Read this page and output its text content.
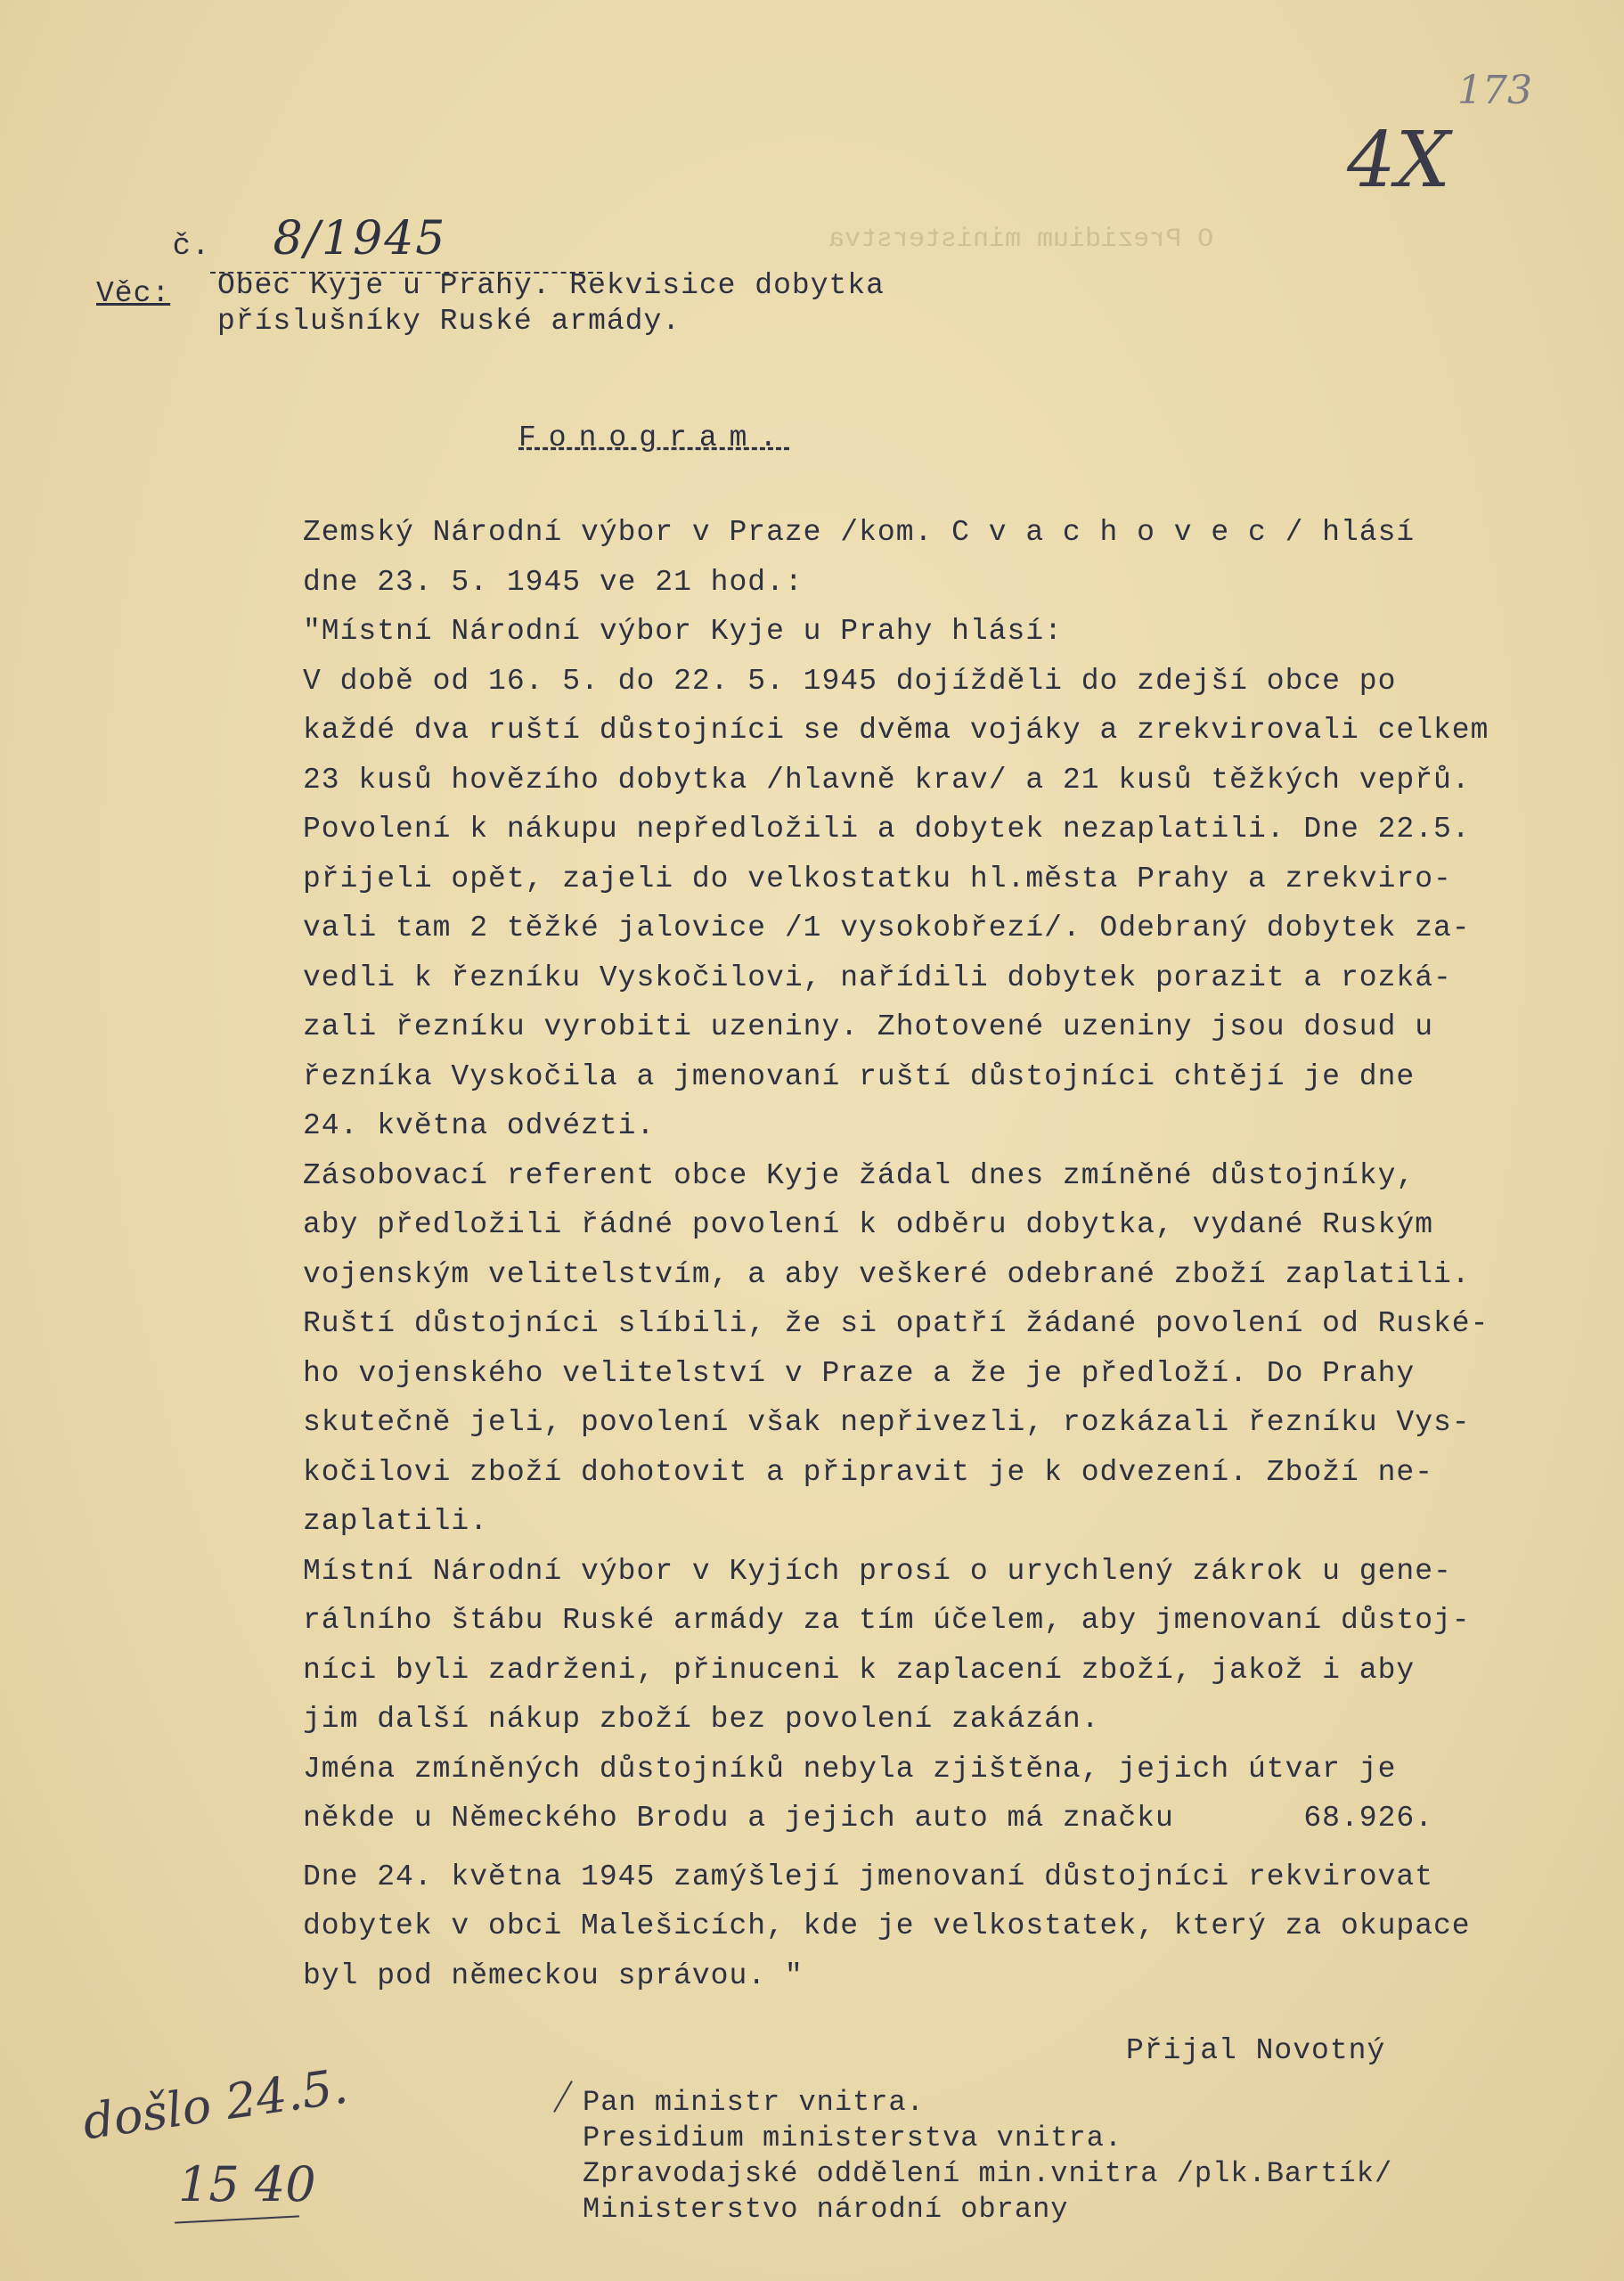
O Prezidium ministerstva
173
4X

č. 8/1945

Věc: Obec Kyje u Prahy. Rekvisice dobytka
příslušníky Ruské armády.
Fonogram.
Zemský Národní výbor v Praze /kom. C v a c h o v e c / hlásí
dne 23. 5. 1945 ve 21 hod.:
"Místní Národní výbor Kyje u Prahy hlásí:
V době od 16. 5. do 22. 5. 1945 dojížděli do zdejší obce po
každé dva ruští důstojníci se dvěma vojáky a zrekvirovali celkem
23 kusů hovězího dobytka /hlavně krav/ a 21 kusů těžkých vepřů.
Povolení k nákupu nepředložili a dobytek nezaplatili. Dne 22.5.
přijeli opět, zajeli do velkostatku hl.města Prahy a zrekviro-
vali tam 2 těžké jalovice /1 vysokobřezí/. Odebraný dobytek za-
vedli k řezníku Vyskočilovi, nařídili dobytek porazit a rozká-
zali řezníku vyrobiti uzeniny. Zhotovené uzeniny jsou dosud u
řezníka Vyskočila a jmenovaní ruští důstojníci chtějí je dne
24. května odvézti.
Zásobovací referent obce Kyje žádal dnes zmíněné důstojníky,
aby předložili řádné povolení k odběru dobytka, vydané Ruským
vojenským velitelstvím, a aby veškeré odebrané zboží zaplatili.
Ruští důstojníci slíbili, že si opatří žádané povolení od Ruské-
ho vojenského velitelství v Praze a že je předloží. Do Prahy
skutečně jeli, povolení však nepřivezli, rozkázali řezníku Vys-
kočilovi zboží dohotovit a připravit je k odvezení. Zboží ne-
zaplatili.
Místní Národní výbor v Kyjích prosí o urychlený zákrok u gene-
rálního štábu Ruské armády za tím účelem, aby jmenovaní důstoj-
níci byli zadrženi, přinuceni k zaplacení zboží, jakož i aby
jim další nákup zboží bez povolení zakázán.
Jména zmíněných důstojníků nebyla zjištěna, jejich útvar je
někde u Německého Brodu a jejich auto má značku       68.926.
Dne 24. května 1945 zamýšlejí jmenovaní důstojníci rekvirovat
dobytek v obci Malešicích, kde je velkostatek, který za okupace
byl pod německou správou. "
Přijal Novotný
Pan ministr vnitra.
Presidium ministerstva vnitra.
Zpravodajské oddělení min.vnitra /plk.Bartík/
Ministerstvo národní obrany
došlo 24.5.
15 40
